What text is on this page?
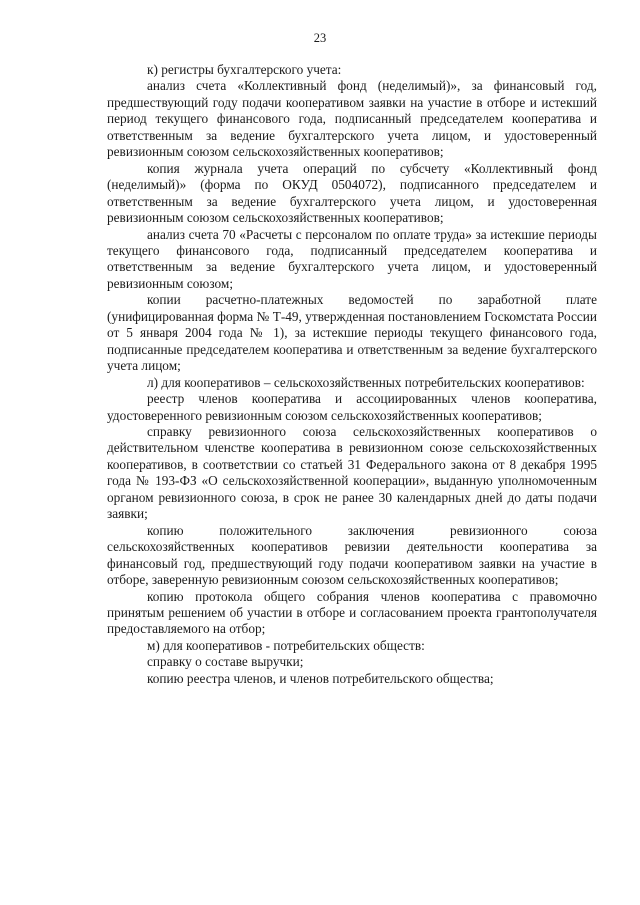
23

к) регистры бухгалтерского учета:

анализ счета «Коллективный фонд (неделимый)», за финансовый год, предшествующий году подачи кооперативом заявки на участие в отборе и истекший период текущего финансового года, подписанный председателем кооператива и ответственным за ведение бухгалтерского учета лицом, и удостоверенный ревизионным союзом сельскохозяйственных кооперативов;

копия журнала учета операций по субсчету «Коллективный фонд (неделимый)» (форма по ОКУД 0504072), подписанного председателем и ответственным за ведение бухгалтерского учета лицом, и удостоверенная ревизионным союзом сельскохозяйственных кооперативов;

анализ счета 70 «Расчеты с персоналом по оплате труда» за истекшие периоды текущего финансового года, подписанный председателем кооператива и ответственным за ведение бухгалтерского учета лицом, и удостоверенный ревизионным союзом;

копии расчетно-платежных ведомостей по заработной плате (унифицированная форма № Т-49, утвержденная постановлением Госкомстата России от 5 января 2004 года № 1), за истекшие периоды текущего финансового года, подписанные председателем кооператива и ответственным за ведение бухгалтерского учета лицом;

л) для кооперативов – сельскохозяйственных потребительских кооперативов:

реестр членов кооператива и ассоциированных членов кооператива, удостоверенного ревизионным союзом сельскохозяйственных кооперативов;

справку ревизионного союза сельскохозяйственных кооперативов о действительном членстве кооператива в ревизионном союзе сельскохозяйственных кооперативов, в соответствии со статьей 31 Федерального закона от 8 декабря 1995 года № 193-ФЗ «О сельскохозяйственной кооперации», выданную уполномоченным органом ревизионного союза, в срок не ранее 30 календарных дней до даты подачи заявки;

копию положительного заключения ревизионного союза сельскохозяйственных кооперативов ревизии деятельности кооператива за финансовый год, предшествующий году подачи кооперативом заявки на участие в отборе, заверенную ревизионным союзом сельскохозяйственных кооперативов;

копию протокола общего собрания членов кооператива с правомочно принятым решением об участии в отборе и согласованием проекта грантополучателя предоставляемого на отбор;

м) для кооперативов - потребительских обществ:

справку о составе выручки;

копию реестра членов, и членов потребительского общества;
